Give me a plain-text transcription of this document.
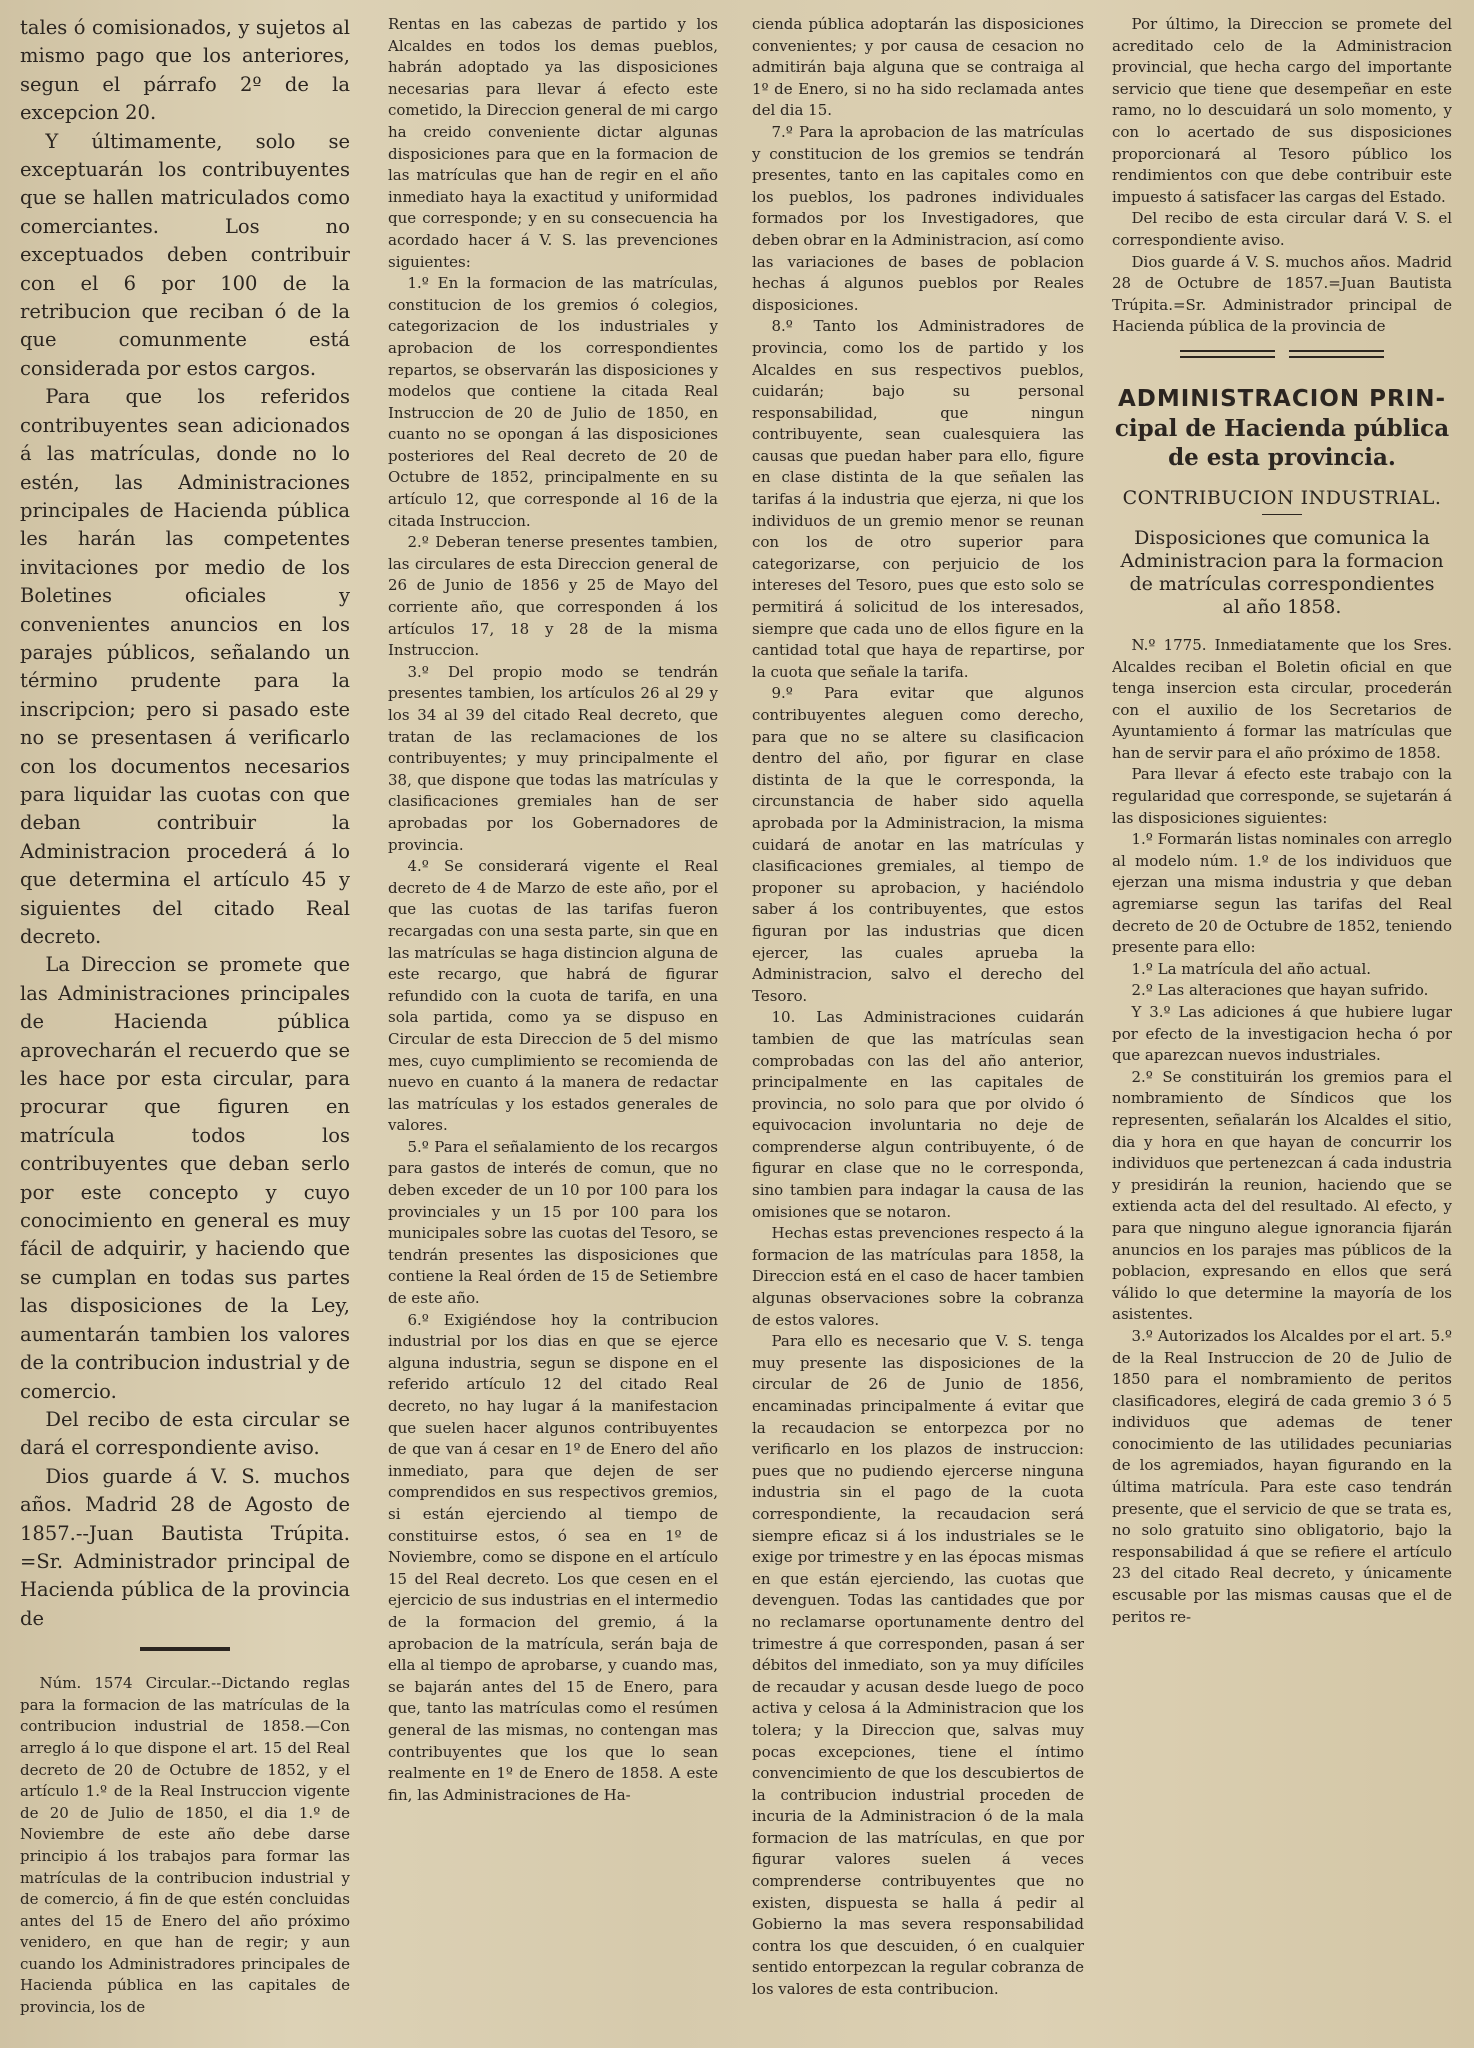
tales ó comisionados, y sujetos al mismo pago que los anteriores, segun el párrafo 2º de la excepcion 20.

Y últimamente, solo se exceptuarán los contribuyentes que se hallen matriculados como comerciantes. Los no exceptuados deben contribuir con el 6 por 100 de la retribucion que reciban ó de la que comunmente está considerada por estos cargos.

Para que los referidos contribuyentes sean adicionados á las matrículas, donde no lo estén, las Administraciones principales de Hacienda pública les harán las competentes invitaciones por medio de los Boletines oficiales y convenientes anuncios en los parajes públicos, señalando un término prudente para la inscripcion; pero si pasado este no se presentasen á verificarlo con los documentos necesarios para liquidar las cuotas con que deban contribuir la Administracion procederá á lo que determina el artículo 45 y siguientes del citado Real decreto.

La Direccion se promete que las Administraciones principales de Hacienda pública aprovecharán el recuerdo que se les hace por esta circular, para procurar que figuren en matrícula todos los contribuyentes que deban serlo por este concepto y cuyo conocimiento en general es muy fácil de adquirir, y haciendo que se cumplan en todas sus partes las disposiciones de la Ley, aumentarán tambien los valores de la contribucion industrial y de comercio.

Del recibo de esta circular se dará el correspondiente aviso.

Dios guarde á V. S. muchos años. Madrid 28 de Agosto de 1857.--Juan Bautista Trúpita. =Sr. Administrador principal de Hacienda pública de la provincia de

Núm. 1574 Circular.--Dictando reglas para la formacion de las matrículas de la contribucion industrial de 1858.—Con arreglo á lo que dispone el art. 15 del Real decreto de 20 de Octubre de 1852, y el artículo 1.º de la Real Instruccion vigente de 20 de Julio de 1850, el dia 1.º de Noviembre de este año debe darse principio á los trabajos para formar las matrículas de la contribucion industrial y de comercio, á fin de que estén concluidas antes del 15 de Enero del año próximo venidero, en que han de regir; y aun cuando los Administradores principales de Hacienda pública en las capitales de provincia, los de

Rentas en las cabezas de partido y los Alcaldes en todos los demas pueblos, habrán adoptado ya las disposiciones necesarias para llevar á efecto este cometido, la Direccion general de mi cargo ha creido conveniente dictar algunas disposiciones para que en la formacion de las matrículas que han de regir en el año inmediato haya la exactitud y uniformidad que corresponde; y en su consecuencia ha acordado hacer á V. S. las prevenciones siguientes:

1.º En la formacion de las matrículas, constitucion de los gremios ó colegios, categorizacion de los industriales y aprobacion de los correspondientes repartos, se observarán las disposiciones y modelos que contiene la citada Real Instruccion de 20 de Julio de 1850, en cuanto no se opongan á las disposiciones posteriores del Real decreto de 20 de Octubre de 1852, principalmente en su artículo 12, que corresponde al 16 de la citada Instruccion.

2.º Deberan tenerse presentes tambien, las circulares de esta Direccion general de 26 de Junio de 1856 y 25 de Mayo del corriente año, que corresponden á los artículos 17, 18 y 28 de la misma Instruccion.

3.º Del propio modo se tendrán presentes tambien, los artículos 26 al 29 y los 34 al 39 del citado Real decreto, que tratan de las reclamaciones de los contribuyentes; y muy principalmente el 38, que dispone que todas las matrículas y clasificaciones gremiales han de ser aprobadas por los Gobernadores de provincia.

4.º Se considerará vigente el Real decreto de 4 de Marzo de este año, por el que las cuotas de las tarifas fueron recargadas con una sesta parte, sin que en las matrículas se haga distincion alguna de este recargo, que habrá de figurar refundido con la cuota de tarifa, en una sola partida, como ya se dispuso en Circular de esta Direccion de 5 del mismo mes, cuyo cumplimiento se recomienda de nuevo en cuanto á la manera de redactar las matrículas y los estados generales de valores.

5.º Para el señalamiento de los recargos para gastos de interés de comun, que no deben exceder de un 10 por 100 para los provinciales y un 15 por 100 para los municipales sobre las cuotas del Tesoro, se tendrán presentes las disposiciones que contiene la Real órden de 15 de Setiembre de este año.

6.º Exigiéndose hoy la contribucion industrial por los dias en que se ejerce alguna industria, segun se dispone en el referido artículo 12 del citado Real decreto, no hay lugar á la manifestacion que suelen hacer algunos contribuyentes de que van á cesar en 1º de Enero del año inmediato, para que dejen de ser comprendidos en sus respectivos gremios, si están ejerciendo al tiempo de constituirse estos, ó sea en 1º de Noviembre, como se dispone en el artículo 15 del Real decreto. Los que cesen en el ejercicio de sus industrias en el intermedio de la formacion del gremio, á la aprobacion de la matrícula, serán baja de ella al tiempo de aprobarse, y cuando mas, se bajarán antes del 15 de Enero, para que, tanto las matrículas como el resúmen general de las mismas, no contengan mas contribuyentes que los que lo sean realmente en 1º de Enero de 1858. A este fin, las Administraciones de Ha-

cienda pública adoptarán las disposiciones convenientes; y por causa de cesacion no admitirán baja alguna que se contraiga al 1º de Enero, si no ha sido reclamada antes del dia 15.

7.º Para la aprobacion de las matrículas y constitucion de los gremios se tendrán presentes, tanto en las capitales como en los pueblos, los padrones individuales formados por los Investigadores, que deben obrar en la Administracion, así como las variaciones de bases de poblacion hechas á algunos pueblos por Reales disposiciones.

8.º Tanto los Administradores de provincia, como los de partido y los Alcaldes en sus respectivos pueblos, cuidarán; bajo su personal responsabilidad, que ningun contribuyente, sean cualesquiera las causas que puedan haber para ello, figure en clase distinta de la que señalen las tarifas á la industria que ejerza, ni que los individuos de un gremio menor se reunan con los de otro superior para categorizarse, con perjuicio de los intereses del Tesoro, pues que esto solo se permitirá á solicitud de los interesados, siempre que cada uno de ellos figure en la cantidad total que haya de repartirse, por la cuota que señale la tarifa.

9.º Para evitar que algunos contribuyentes aleguen como derecho, para que no se altere su clasificacion dentro del año, por figurar en clase distinta de la que le corresponda, la circunstancia de haber sido aquella aprobada por la Administracion, la misma cuidará de anotar en las matrículas y clasificaciones gremiales, al tiempo de proponer su aprobacion, y haciéndolo saber á los contribuyentes, que estos figuran por las industrias que dicen ejercer, las cuales aprueba la Administracion, salvo el derecho del Tesoro.

10. Las Administraciones cuidarán tambien de que las matrículas sean comprobadas con las del año anterior, principalmente en las capitales de provincia, no solo para que por olvido ó equivocacion involuntaria no deje de comprenderse algun contribuyente, ó de figurar en clase que no le corresponda, sino tambien para indagar la causa de las omisiones que se notaron.

Hechas estas prevenciones respecto á la formacion de las matrículas para 1858, la Direccion está en el caso de hacer tambien algunas observaciones sobre la cobranza de estos valores.

Para ello es necesario que V. S. tenga muy presente las disposiciones de la circular de 26 de Junio de 1856, encaminadas principalmente á evitar que la recaudacion se entorpezca por no verificarlo en los plazos de instruccion: pues que no pudiendo ejercerse ninguna industria sin el pago de la cuota correspondiente, la recaudacion será siempre eficaz si á los industriales se le exige por trimestre y en las épocas mismas en que están ejerciendo, las cuotas que devenguen. Todas las cantidades que por no reclamarse oportunamente dentro del trimestre á que corresponden, pasan á ser débitos del inmediato, son ya muy difíciles de recaudar y acusan desde luego de poco activa y celosa á la Administracion que los tolera; y la Direccion que, salvas muy pocas excepciones, tiene el íntimo convencimiento de que los descubiertos de la contribucion industrial proceden de incuria de la Administracion ó de la mala formacion de las matrículas, en que por figurar valores suelen á veces comprenderse contribuyentes que no existen, dispuesta se halla á pedir al Gobierno la mas severa responsabilidad contra los que descuiden, ó en cualquier sentido entorpezcan la regular cobranza de los valores de esta contribucion.

Por último, la Direccion se promete del acreditado celo de la Administracion provincial, que hecha cargo del importante servicio que tiene que desempeñar en este ramo, no lo descuidará un solo momento, y con lo acertado de sus disposiciones proporcionará al Tesoro público los rendimientos con que debe contribuir este impuesto á satisfacer las cargas del Estado.

Del recibo de esta circular dará V. S. el correspondiente aviso.

Dios guarde á V. S. muchos años. Madrid 28 de Octubre de 1857.=Juan Bautista Trúpita.=Sr. Administrador principal de Hacienda pública de la provincia de

ADMINISTRACION PRIN-
cipal de Hacienda pública de esta provincia.
CONTRIBUCION INDUSTRIAL.
Disposiciones que comunica la Administracion para la formacion de matrículas correspondientes al año 1858.

N.º 1775. Inmediatamente que los Sres. Alcaldes reciban el Boletin oficial en que tenga insercion esta circular, procederán con el auxilio de los Secretarios de Ayuntamiento á formar las matrículas que han de servir para el año próximo de 1858.

Para llevar á efecto este trabajo con la regularidad que corresponde, se sujetarán á las disposiciones siguientes:

1.º Formarán listas nominales con arreglo al modelo núm. 1.º de los individuos que ejerzan una misma industria y que deban agremiarse segun las tarifas del Real decreto de 20 de Octubre de 1852, teniendo presente para ello:

1.º La matrícula del año actual.

2.º Las alteraciones que hayan sufrido.

Y 3.º Las adiciones á que hubiere lugar por efecto de la investigacion hecha ó por que aparezcan nuevos industriales.

2.º Se constituirán los gremios para el nombramiento de Síndicos que los representen, señalarán los Alcaldes el sitio, dia y hora en que hayan de concurrir los individuos que pertenezcan á cada industria y presidirán la reunion, haciendo que se extienda acta del del resultado. Al efecto, y para que ninguno alegue ignorancia fijarán anuncios en los parajes mas públicos de la poblacion, expresando en ellos que será válido lo que determine la mayoría de los asistentes.

3.º Autorizados los Alcaldes por el art. 5.º de la Real Instruccion de 20 de Julio de 1850 para el nombramiento de peritos clasificadores, elegirá de cada gremio 3 ó 5 individuos que ademas de tener conocimiento de las utilidades pecuniarias de los agremiados, hayan figurando en la última matrícula. Para este caso tendrán presente, que el servicio de que se trata es, no solo gratuito sino obligatorio, bajo la responsabilidad á que se refiere el artículo 23 del citado Real decreto, y únicamente escusable por las mismas causas que el de peritos re-
